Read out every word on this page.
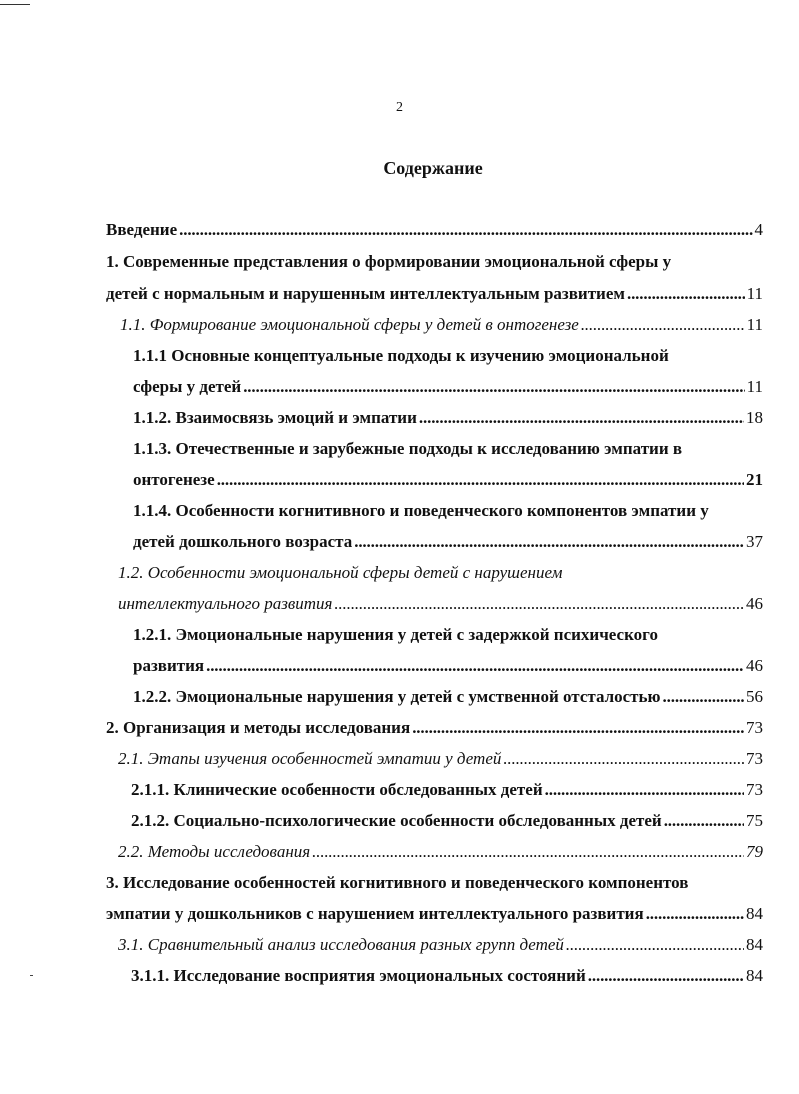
2
Содержание
Введение . . .	4
1. Современные представления о формировании эмоциональной сферы у
детей с нормальным и нарушенным интеллектуальным развитием . . .	11
1.1. Формирование эмоциональной сферы у детей в онтогенезе . . .	11
1.1.1 Основные концептуальные подходы к изучению эмоциональной
сферы у детей . . .	11
1.1.2. Взаимосвязь эмоций и эмпатии . . .	18
1.1.3. Отечественные и зарубежные подходы к исследованию эмпатии в
онтогенезе . . .	21
1.1.4. Особенности когнитивного и поведенческого компонентов эмпатии у
детей дошкольного возраста . . .	37
1.2. Особенности эмоциональной сферы детей с нарушением
интеллектуального развития . . .	46
1.2.1. Эмоциональные нарушения у детей с задержкой психического
развития . . .	46
1.2.2. Эмоциональные нарушения у детей с умственной отсталостью . . .	56
2. Организация и методы исследования . . .	73
2.1. Этапы изучения особенностей эмпатии у детей . . .	73
2.1.1. Клинические особенности обследованных детей . . .	73
2.1.2. Социально-психологические особенности обследованных детей . . .	75
2.2. Методы исследования . . .	79
3. Исследование особенностей когнитивного и поведенческого компонентов
эмпатии у дошкольников с нарушением интеллектуального развития . . .	84
3.1. Сравнительный анализ исследования разных групп детей . . .	84
3.1.1. Исследование восприятия эмоциональных состояний . . .	84
